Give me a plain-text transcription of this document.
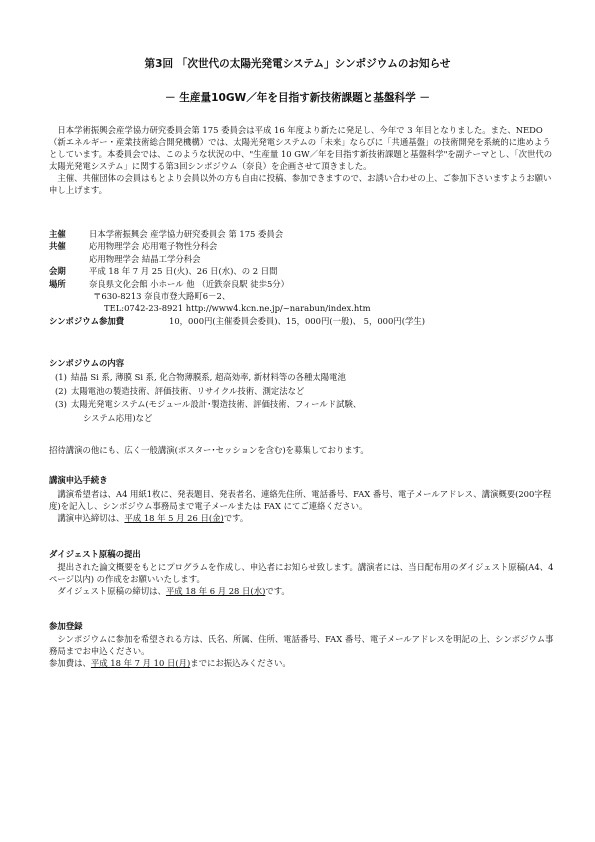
第3回 「次世代の太陽光発電システム」シンポジウムのお知らせ
－ 生産量10GW／年を目指す新技術課題と基盤科学 －

日本学術振興会産学協力研究委員会第 175 委員会は平成 16 年度より新たに発足し、今年で 3 年目となりました。また、NEDO（新エネルギー・産業技術総合開発機構）では、太陽光発電システムの「未来」ならびに「共通基盤」の技術開発を系統的に進めようとしています。本委員会では、このような状況の中、"生産量 10 GW／年を目指す新技術課題と基盤科学"を副テーマとし、「次世代の太陽光発電システム」に関する第3回シンポジウム（奈良）を企画させて頂きました。

主催、共催団体の会員はもとより会員以外の方も自由に投稿、参加できますので、お誘い合わせの上、ご参加下さいますようお願い申し上げます。

主催	日本学術振興会 産学協力研究委員会 第 175 委員会
共催	応用物理学会 応用電子物性分科会
応用物理学会 結晶工学分科会
会期	平成 18 年 7 月 25 日(火)、26 日(水)、の 2 日間
場所	奈良県文化会館 小ホール 他 （近鉄奈良駅 徒歩5分）
〒630-8213 奈良市登大路町6－2、
TEL:0742-23-8921 http://www4.kcn.ne.jp/~narabun/index.htm
シンポジウム参加費	10，000円(主催委員会委員)、15，000円(一般)、 5，000円(学生)
シンポジウムの内容
(1) 結晶 Si 系, 薄膜 Si 系, 化合物薄膜系, 超高効率, 新材料等の各種太陽電池
(2) 太陽電池の製造技術、評価技術、リサイクル技術、測定法など
(3) 太陽光発電システム(モジュール設計･製造技術、評価技術、フィールド試験、
システム応用)など

招待講演の他にも、広く一般講演(ポスター･セッションを含む)を募集しております。

講演申込手続き

講演希望者は、A4 用紙1枚に、発表題目、発表者名、連絡先住所、電話番号、FAX 番号、電子メールアドレス、講演概要(200字程度)を記入し、シンポジウム事務局まで電子メールまたは FAX にてご連絡ください。

講演申込締切は、平成 18 年 5 月 26 日(金)です。

ダイジェスト原稿の提出

提出された論文概要をもとにプログラムを作成し、申込者にお知らせ致します。講演者には、当日配布用のダイジェスト原稿(A4、4 ページ以内) の作成をお願いいたします。

ダイジェスト原稿の締切は、平成 18 年 6 月 28 日(水)です。

参加登録

シンポジウムに参加を希望される方は、氏名、所属、住所、電話番号、FAX 番号、電子メールアドレスを明記の上、シンポジウム事務局までお申込ください。

参加費は、平成 18 年 7 月 10 日(月)までにお振込みください。
